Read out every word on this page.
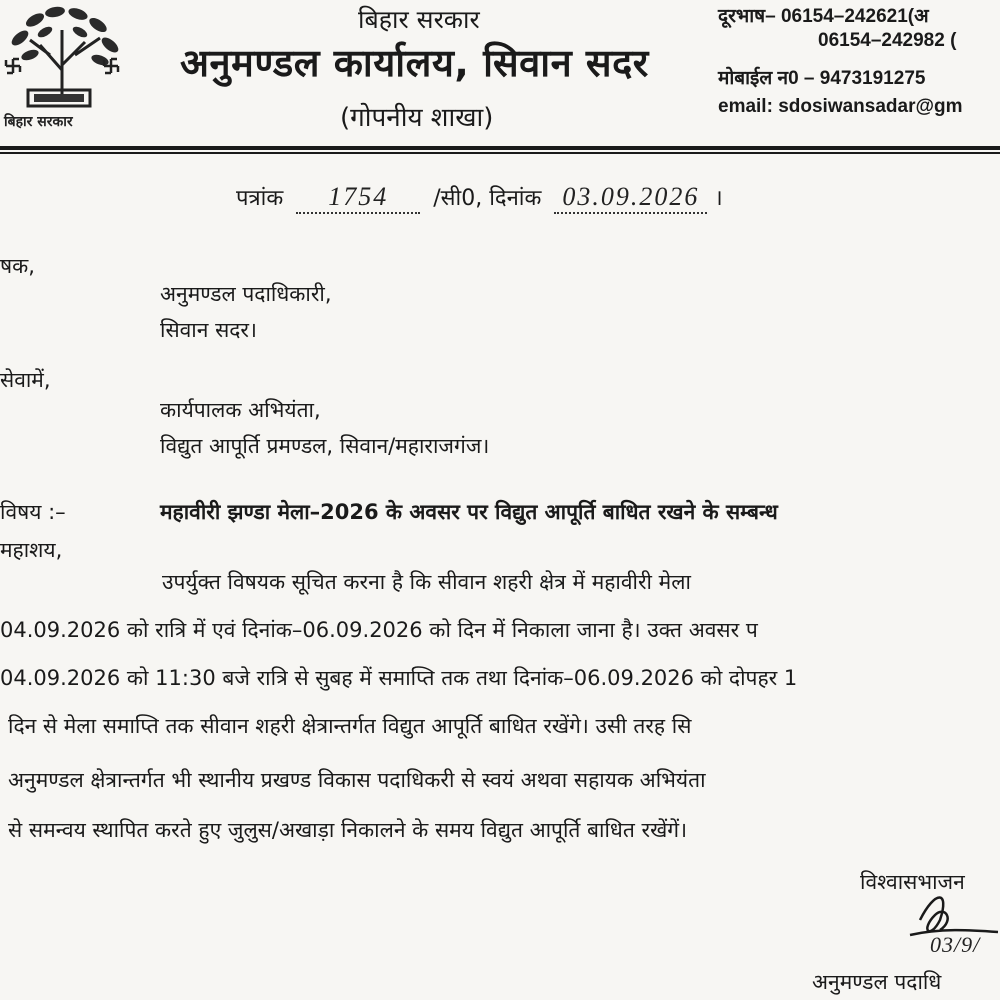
बिहार सरकार
बिहार सरकार
अनुमण्डल कार्यालय, सिवान सदर
(गोपनीय शाखा)
दूरभाष– 06154–242621(अ
06154–242982 (
मोबाईल न0 – 9473191275
email: sdosiwansadar@gm
पत्रांक 1754 /सी0, दिनांक 03.09.2026 ।
षक,
अनुमण्डल पदाधिकारी,
सिवान सदर।
सेवामें,
कार्यपालक अभियंता,
विद्युत आपूर्ति प्रमण्डल, सिवान/महाराजगंज।
विषय :–	महावीरी झण्डा मेला–2026 के अवसर पर विद्युत आपूर्ति बाधित रखने के सम्बन्ध
महाशय,
उपर्युक्त विषयक सूचित करना है कि सीवान शहरी क्षेत्र में महावीरी मेला
04.09.2026 को रात्रि में एवं दिनांक–06.09.2026 को दिन में निकाला जाना है। उक्त अवसर प
04.09.2026 को 11:30 बजे रात्रि से सुबह में समाप्ति तक तथा दिनांक–06.09.2026 को दोपहर 1
दिन से मेला समाप्ति तक सीवान शहरी क्षेत्रान्तर्गत विद्युत आपूर्ति बाधित रखेंगे। उसी तरह सि
अनुमण्डल क्षेत्रान्तर्गत भी स्थानीय प्रखण्ड विकास पदाधिकरी से स्वयं अथवा सहायक अभियंता
से समन्वय स्थापित करते हुए जुलुस/अखाड़ा निकालने के समय विद्युत आपूर्ति बाधित रखेंगें।
विश्वासभाजन
03/9/
अनुमण्डल पदाधि
